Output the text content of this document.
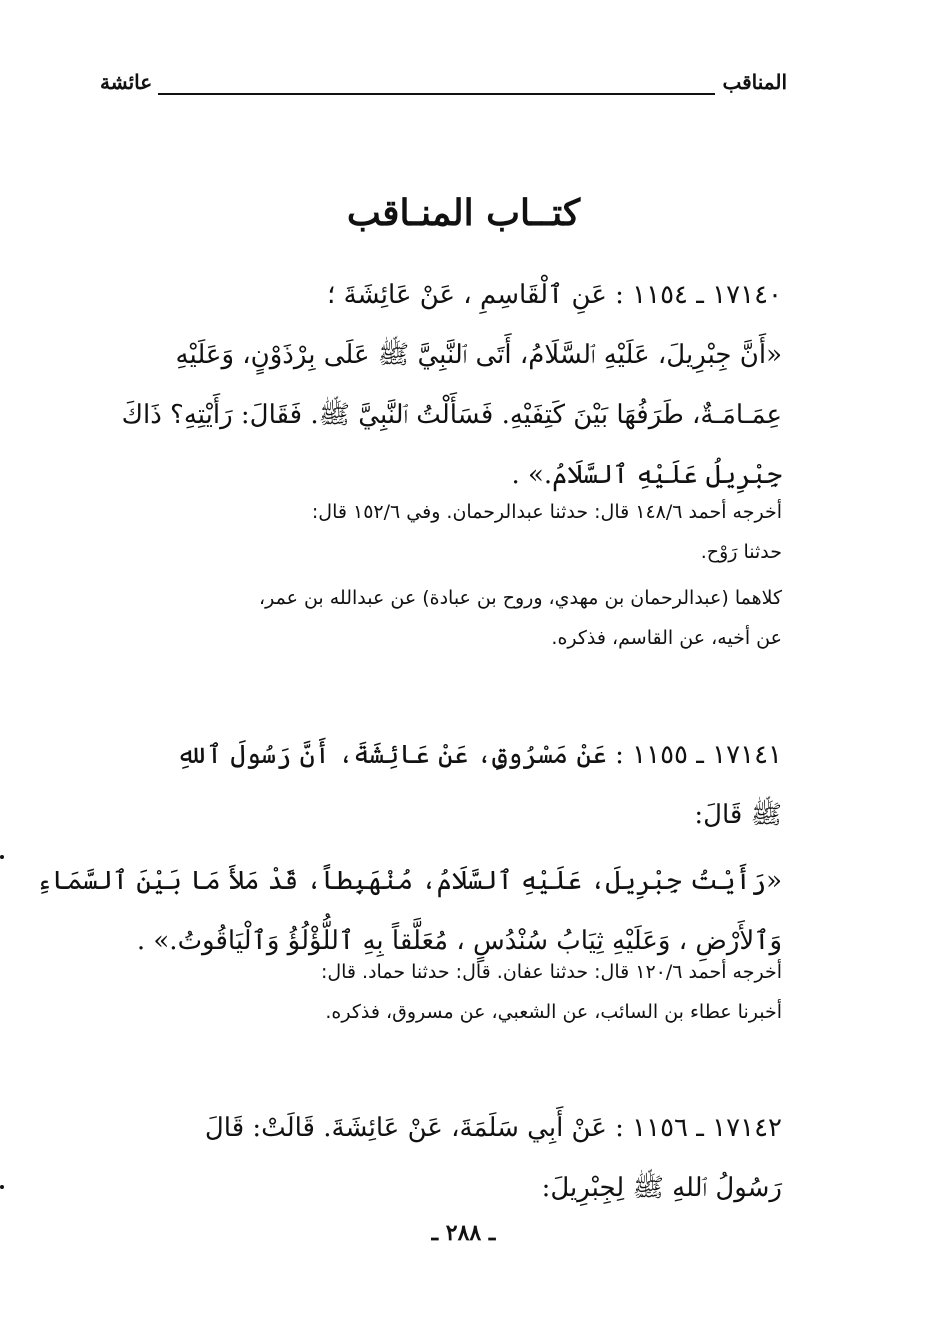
المناقب
عائشة
كتــاب المنـاقب
١٧١٤٠ ـ ١١٥٤ : عَنِ ٱلْقَاسِمِ ، عَنْ عَائِشَةَ ؛
«أَنَّ جِبْرِيلَ، عَلَيْهِ ٱلسَّلَامُ، أَتَى ٱلنَّبِيَّ ﷺ عَلَى بِرْذَوْنٍ، وَعَلَيْهِ
عِمَـامَـةٌ، طَرَفُهَا بَيْنَ كَتِفَيْهِ. فَسَأَلْتُ ٱلنَّبِيَّ ﷺ. فَقَالَ: رَأَيْتِهِ؟ ذَاكَ
جِبْرِيلُ عَلَيْهِ ٱلسَّلَامُ.» .
أخرجه أحمد ١٤٨/٦ قال: حدثنا عبدالرحمان. وفي ١٥٢/٦ قال:
حدثنا رَوْح.
كلاهما (عبدالرحمان بن مهدي، وروح بن عبادة) عن عبدالله بن عمر،
عن أخيه، عن القاسم، فذكره.
١٧١٤١ ـ ١١٥٥ : عَنْ مَسْرُوقٍ، عَنْ عَائِشَةَ، أَنَّ رَسُولَ ٱللهِ
ﷺ قَالَ:
«رَأَيْتُ جِبْرِيلَ، عَلَيْهِ ٱلسَّلَامُ، مُنْهَبِطاً، قَدْ مَلأَ مَا بَيْنَ ٱلسَّمَاءِ
وَٱلأَرْضِ ، وَعَلَيْهِ ثِيَابُ سُنْدُسٍ ، مُعَلَّقاً بِهِ ٱللُّؤْلُؤُ وَٱلْيَاقُوتُ.» .
أخرجه أحمد ١٢٠/٦ قال: حدثنا عفان. قال: حدثنا حماد. قال:
أخبرنا عطاء بن السائب، عن الشعبي، عن مسروق، فذكره.
١٧١٤٢ ـ ١١٥٦ : عَنْ أَبِي سَلَمَةَ، عَنْ عَائِشَةَ. قَالَتْ: قَالَ
رَسُولُ ٱللهِ ﷺ لِجِبْرِيلَ:
ـ ٢٨٨ ـ
